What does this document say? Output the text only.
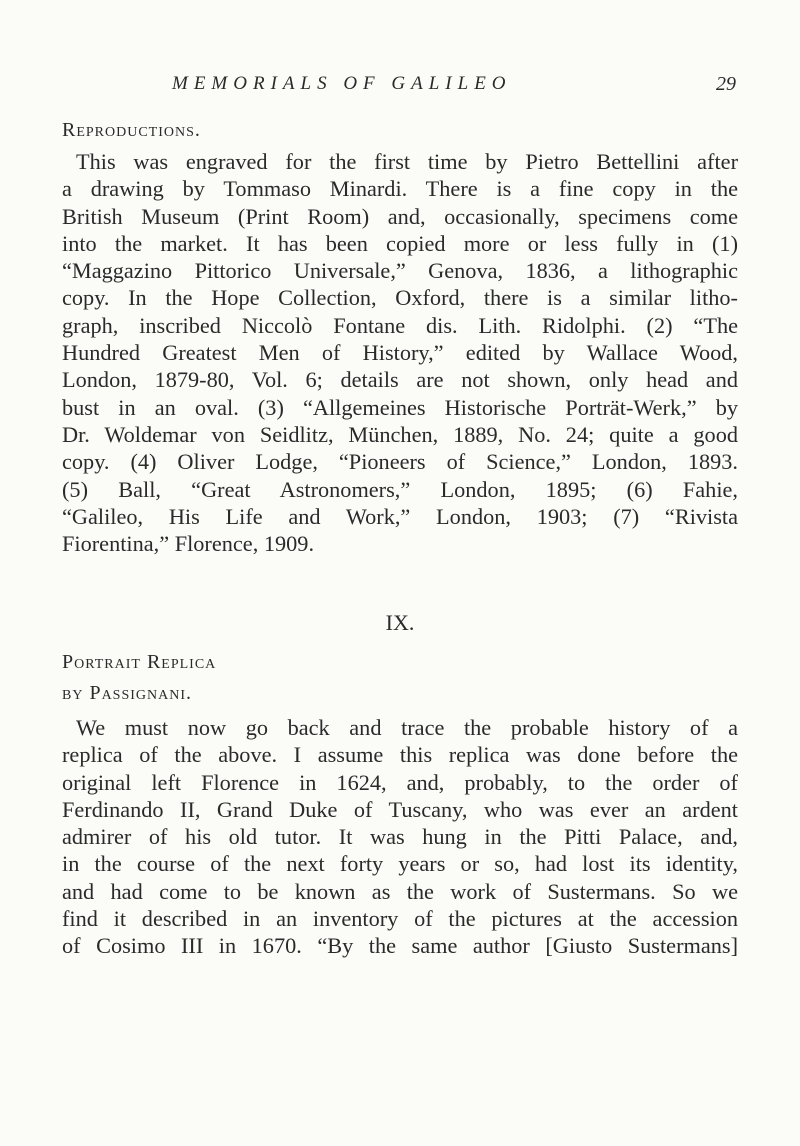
MEMORIALS OF GALILEO	29
Reproductions.
This was engraved for the first time by Pietro Bettellini after
a drawing by Tommaso Minardi. There is a fine copy in the
British Museum (Print Room) and, occasionally, specimens come
into the market. It has been copied more or less fully in (1)
“Maggazino Pittorico Universale,” Genova, 1836, a lithographic
copy. In the Hope Collection, Oxford, there is a similar litho-
graph, inscribed Niccolò Fontane dis. Lith. Ridolphi. (2) “The
Hundred Greatest Men of History,” edited by Wallace Wood,
London, 1879-80, Vol. 6; details are not shown, only head and
bust in an oval. (3) “Allgemeines Historische Porträt-Werk,” by
Dr. Woldemar von Seidlitz, München, 1889, No. 24; quite a good
copy. (4) Oliver Lodge, “Pioneers of Science,” London, 1893.
(5) Ball, “Great Astronomers,” London, 1895; (6) Fahie,
“Galileo, His Life and Work,” London, 1903; (7) “Rivista
Fiorentina,” Florence, 1909.
IX.
Portrait Replica
by Passignani.
We must now go back and trace the probable history of a
replica of the above. I assume this replica was done before the
original left Florence in 1624, and, probably, to the order of
Ferdinando II, Grand Duke of Tuscany, who was ever an ardent
admirer of his old tutor. It was hung in the Pitti Palace, and,
in the course of the next forty years or so, had lost its identity,
and had come to be known as the work of Sustermans. So we
find it described in an inventory of the pictures at the accession
of Cosimo III in 1670. “By the same author [Giusto Sustermans]
